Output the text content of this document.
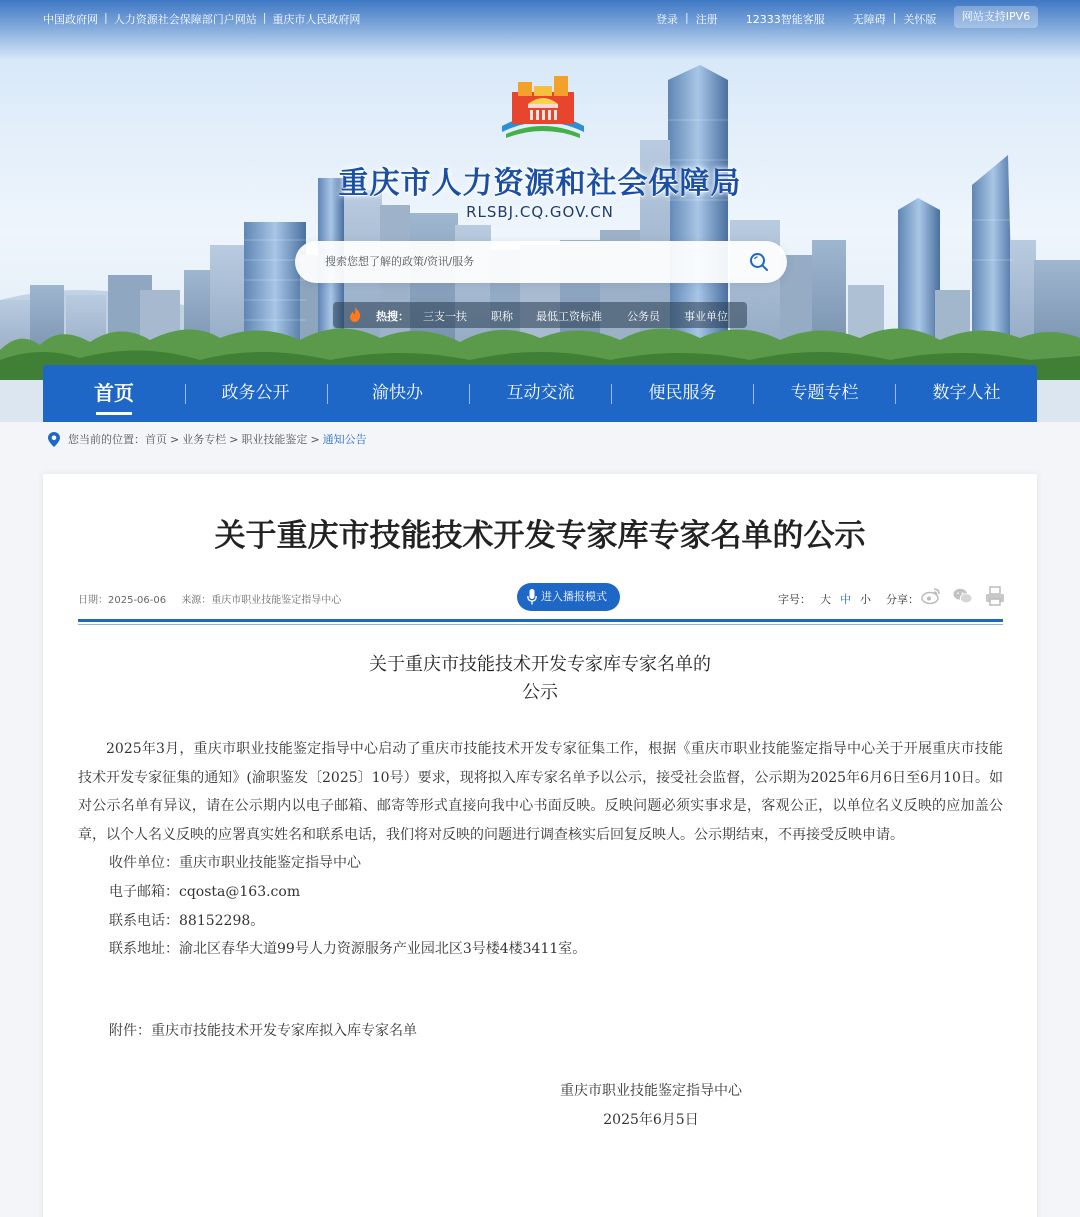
中国政府网 | 人力资源社会保障部门户网站 | 重庆市人民政府网	登录 | 注册	12333智能客服	无障碍 | 关怀版	网站支持IPV6
重庆市人力资源和社会保障局
RLSBJ.CQ.GOV.CN
搜索您想了解的政策/资讯/服务
热搜： 三支一扶 职称 最低工资标准 公务员 事业单位
首页	政务公开	渝快办	互动交流	便民服务	专题专栏	数字人社
您当前的位置： 首页 > 业务专栏 > 职业技能鉴定 > 通知公告
关于重庆市技能技术开发专家库专家名单的公示
日期：2025-06-06 来源：重庆市职业技能鉴定指导中心	进入播报模式	字号： 大 中 小	分享：
关于重庆市技能技术开发专家库专家名单的
公示

2025年3月，重庆市职业技能鉴定指导中心启动了重庆市技能技术开发专家征集工作，根据《重庆市职业技能鉴定指导中心关于开展重庆市技能技术开发专家征集的通知》(渝职鉴发〔2025〕10号）要求，现将拟入库专家名单予以公示，接受社会监督，公示期为2025年6月6日至6月10日。如对公示名单有异议，请在公示期内以电子邮箱、邮寄等形式直接向我中心书面反映。反映问题必须实事求是，客观公正，以单位名义反映的应加盖公章，以个人名义反映的应署真实姓名和联系电话，我们将对反映的问题进行调查核实后回复反映人。公示期结束，不再接受反映申请。

收件单位：重庆市职业技能鉴定指导中心
电子邮箱：cqosta@163.com
联系电话：88152298。
联系地址：渝北区春华大道99号人力资源服务产业园北区3号楼4楼3411室。
附件：重庆市技能技术开发专家库拟入库专家名单
重庆市职业技能鉴定指导中心
2025年6月5日
